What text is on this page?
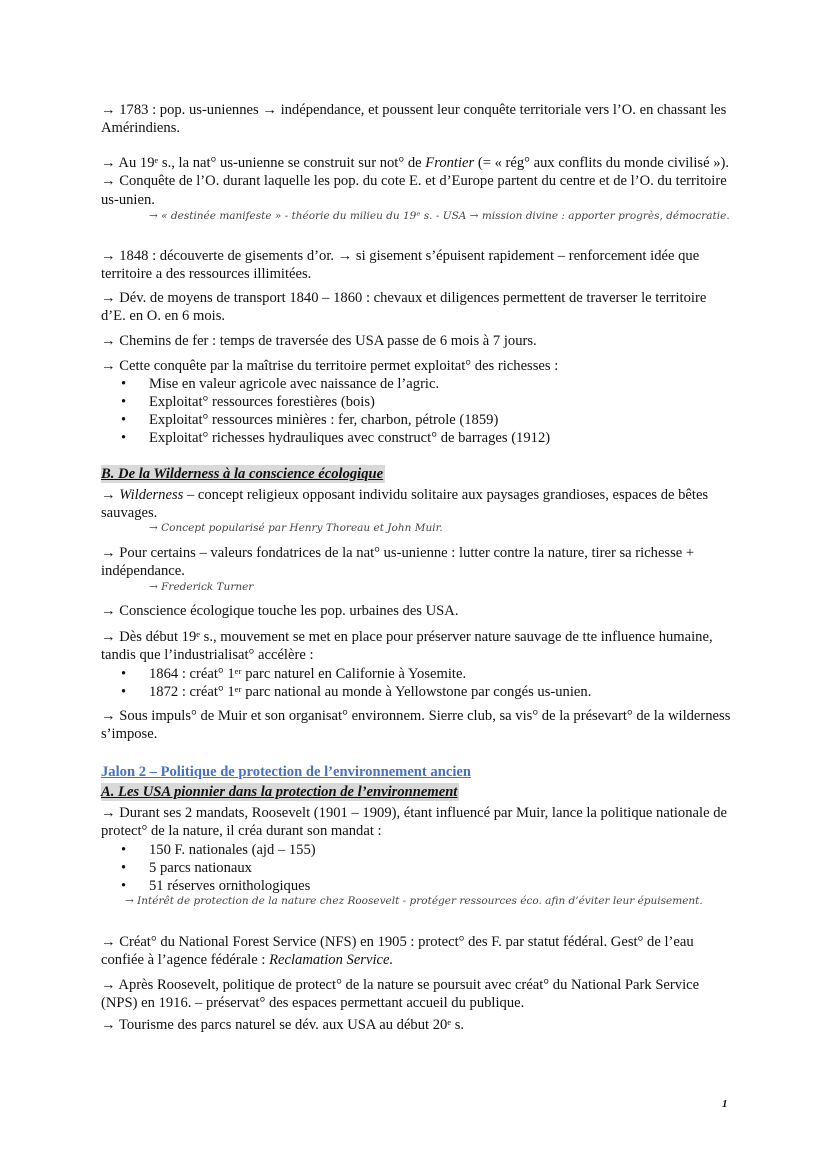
→ 1783 : pop. us-uniennes → indépendance, et poussent leur conquête territoriale vers l’O. en chassant les Amérindiens.
→ Au 19ᵉ s., la nat° us-unienne se construit sur not° de Frontier (= « rég° aux conflits du monde civilisé »). → Conquête de l’O. durant laquelle les pop. du cote E. et d’Europe partent du centre et de l’O. du territoire us-unien.
→ « destinée manifeste » - théorie du milieu du 19ᵉ s. - USA → mission divine : apporter progrès, démocratie.
→ 1848 : découverte de gisements d’or. → si gisement s’épuisent rapidement – renforcement idée que territoire a des ressources illimitées.
→ Dév. de moyens de transport 1840 – 1860 : chevaux et diligences permettent de traverser le territoire d’E. en O. en 6 mois.
→ Chemins de fer : temps de traversée des USA passe de 6 mois à 7 jours.
→ Cette conquête par la maîtrise du territoire permet exploitat° des richesses :
• Mise en valeur agricole avec naissance de l’agric.
• Exploitat° ressources forestières (bois)
• Exploitat° ressources minières : fer, charbon, pétrole (1859)
• Exploitat° richesses hydrauliques avec construct° de barrages (1912)
B. De la Wilderness à la conscience écologique
→ Wilderness – concept religieux opposant individu solitaire aux paysages grandioses, espaces de bêtes sauvages.
→ Concept popularisé par Henry Thoreau et John Muir.
→ Pour certains – valeurs fondatrices de la nat° us-unienne : lutter contre la nature, tirer sa richesse + indépendance.
→ Frederick Turner
→ Conscience écologique touche les pop. urbaines des USA.
→ Dès début 19ᵉ s., mouvement se met en place pour préserver nature sauvage de tte influence humaine, tandis que l’industrialisat° accélère :
• 1864 : créat° 1ᵉʳ parc naturel en Californie à Yosemite.
• 1872 : créat° 1ᵉʳ parc national au monde à Yellowstone par congés us-unien.
→ Sous impuls° de Muir et son organisat° environnem. Sierre club, sa vis° de la présevart° de la wilderness s’impose.
Jalon 2 – Politique de protection de l’environnement ancien
A. Les USA pionnier dans la protection de l’environnement
→ Durant ses 2 mandats, Roosevelt (1901 – 1909), étant influencé par Muir, lance la politique nationale de protect° de la nature, il créa durant son mandat :
• 150 F. nationales (ajd – 155)
• 5 parcs nationaux
• 51 réserves ornithologiques
→ Intérêt de protection de la nature chez Roosevelt - protéger ressources éco. afin d’éviter leur épuisement.
→ Créat° du National Forest Service (NFS) en 1905 : protect° des F. par statut fédéral. Gest° de l’eau confiée à l’agence fédérale : Reclamation Service.
→ Après Roosevelt, politique de protect° de la nature se poursuit avec créat° du National Park Service (NPS) en 1916. – préservat° des espaces permettant accueil du publique.
→ Tourisme des parcs naturel se dév. aux USA au début 20ᵉ s.
1
